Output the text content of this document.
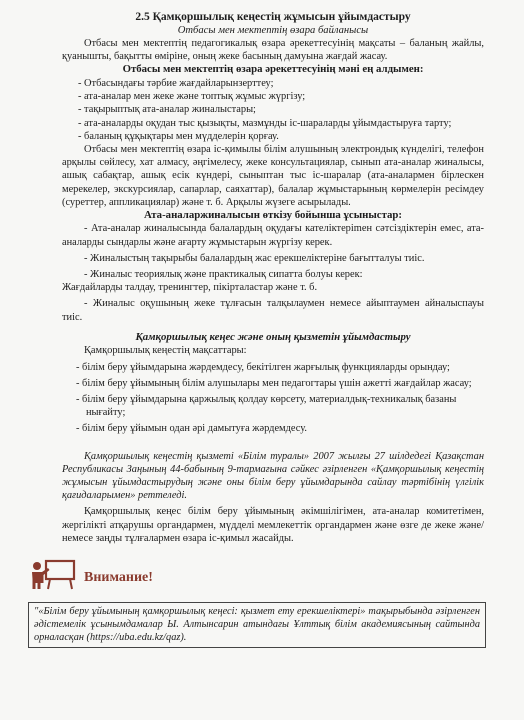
2.5 Қамқоршылық кеңестің жұмысын ұйымдастыру

Отбасы мен мектептің өзара байланысы

Отбасы мен мектептің педагогикалық өзара әрекеттесуінің мақсаты – баланың жайлы, қуанышты, бақытты өміріне, оның жеке басының дамуына жағдай жасау.

Отбасы мен мектептің өзара әрекеттесуінің мәні ең алдымен:

- Отбасындағы тәрбие жағдайларынзерттеу;

- ата-аналар мен жеке және топтық жұмыс жүргізу;

- тақырыптық ата-аналар жиналыстары;

- ата-аналарды оқудан тыс қызықты, мазмұнды іс-шараларды ұйымдастыруға тарту;

- баланың құқықтары мен мүдделерін қорғау.

Отбасы мен мектептің өзара іс-қимылы білім алушының электрондық күнделігі, телефон арқылы сөйлесу, хат алмасу, әңгімелесу, жеке консультациялар, сынып ата-аналар жиналысы, ашық сабақтар, ашық есік күндері, сыныптан тыс іс-шаралар (ата-аналармен бірлескен мерекелер, экскурсиялар, сапарлар, саяхаттар), балалар жұмыстарының көрмелерін ресімдеу (суреттер, аппликациялар) және т. б. Арқылы жүзеге асырылады.

Ата-аналаржиналысын өткізу бойынша ұсыныстар:

- Ата-аналар жиналысында балалардың оқудағы кателіктеріmен сәтсіздіктерін емес, ата-аналарды сындарлы және ағарту жұмыстарын жүргізу керек.

- Жиналыстың тақырыбы балалардың жас ерекшеліктеріне бағытталуы тиіс.

- Жиналыс теориялық және практикалық сипатта болуы керек:

Жағдайларды талдау, тренингтер, пікірталастар және т. б.

- Жиналыс оқушының жеке тұлғасын талқылаумен немесе айыптаумен айналыспауы тиіс.

Қамқоршылық кеңес және оның қызметін ұйымдастыру

Қамқоршылық кеңестің мақсаттары:

- білім беру ұйымдарына жәрдемдесу, бекітілген жарғылық функцияларды орындау;

- білім беру ұйымының білім алушылары мен педагогтары үшін ажетті жағдайлар жасау;

- білім беру ұйымдарына қаржылық қолдау көрсету, материалдық-техникалық базаны нығайту;

- білім беру ұйымын одан әрі дамытуға жәрдемдесу.

Қамқоршылық кеңестің қызметі «Білім туралы» 2007 жылғы 27 шілдедегі Қазақстан Республикасы Заңының 44-бабының 9-тармағына сәйкес әзірленген «Қамқоршылық кеңестің жұмысын ұйымдастырудың және оны білім беру ұйымдарында сайлау тәртібінің үлгілік қағидаларымен» реттеледі.

Қамқоршылық кеңес білім беру ұйымының әкімшілігімен, ата-аналар комитетімен, жергілікті атқарушы органдармен, мүдделі мемлекеттік органдармен және өзге де жеке және/немесе заңды тұлғалармен өзара іс-қимыл жасайды.

Внимание!
"«Білім беру ұйымының қамқоршылық кеңесі: қызмет ету ерекшеліктері» тақырыбында әзірленген әдістемелік ұсынымдамалар Ы. Алтынсарин атындағы Ұлттық білім академиясының сайтында орналасқан (https://uba.edu.kz/qaz).
